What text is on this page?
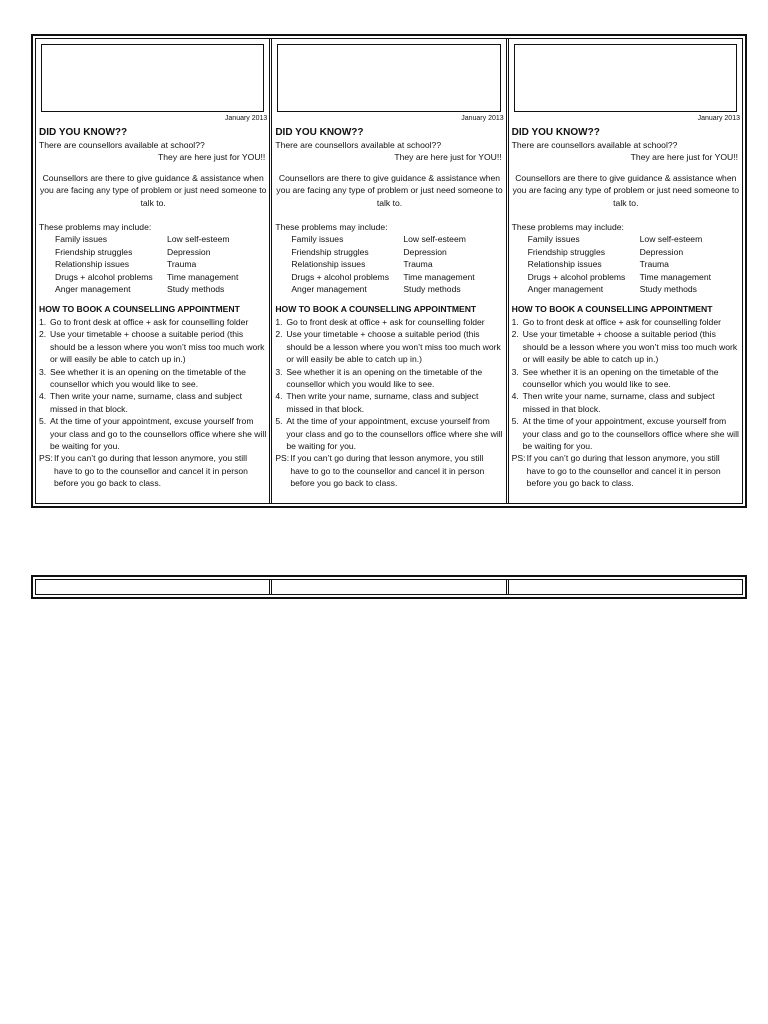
January 2013
DID YOU KNOW??
There are counsellors available at school??
They are here just for YOU!!
Counsellors are there to give guidance & assistance when you are facing any type of problem or just need someone to talk to.
These problems may include:
Family issues
Friendship struggles
Relationship issues
Drugs + alcohol problems
Anger management
Low self-esteem
Depression
Trauma
Time management
Study methods
HOW TO BOOK A COUNSELLING APPOINTMENT
1. Go to front desk at office + ask for counselling folder
2. Use your timetable + choose a suitable period (this should be a lesson where you won’t miss too much work or will easily be able to catch up in.)
3. See whether it is an opening on the timetable of the counsellor which you would like to see.
4. Then write your name, surname, class and subject missed in that block.
5. At the time of your appointment, excuse yourself from your class and go to the counsellors office where she will be waiting for you.
PS: If you can’t go during that lesson anymore, you still have to go to the counsellor and cancel it in person before you go back to class.
January 2013
DID YOU KNOW??
There are counsellors available at school??
They are here just for YOU!!
Counsellors are there to give guidance & assistance when you are facing any type of problem or just need someone to talk to.
These problems may include:
Family issues
Friendship struggles
Relationship issues
Drugs + alcohol problems
Anger management
Low self-esteem
Depression
Trauma
Time management
Study methods
HOW TO BOOK A COUNSELLING APPOINTMENT
1. Go to front desk at office + ask for counselling folder
2. Use your timetable + choose a suitable period (this should be a lesson where you won’t miss too much work or will easily be able to catch up in.)
3. See whether it is an opening on the timetable of the counsellor which you would like to see.
4. Then write your name, surname, class and subject missed in that block.
5. At the time of your appointment, excuse yourself from your class and go to the counsellors office where she will be waiting for you.
PS: If you can’t go during that lesson anymore, you still have to go to the counsellor and cancel it in person before you go back to class.
January 2013
DID YOU KNOW??
There are counsellors available at school??
They are here just for YOU!!
Counsellors are there to give guidance & assistance when you are facing any type of problem or just need someone to talk to.
These problems may include:
Family issues
Friendship struggles
Relationship issues
Drugs + alcohol problems
Anger management
Low self-esteem
Depression
Trauma
Time management
Study methods
HOW TO BOOK A COUNSELLING APPOINTMENT
1. Go to front desk at office + ask for counselling folder
2. Use your timetable + choose a suitable period (this should be a lesson where you won’t miss too much work or will easily be able to catch up in.)
3. See whether it is an opening on the timetable of the counsellor which you would like to see.
4. Then write your name, surname, class and subject missed in that block.
5. At the time of your appointment, excuse yourself from your class and go to the counsellors office where she will be waiting for you.
PS: If you can’t go during that lesson anymore, you still have to go to the counsellor and cancel it in person before you go back to class.
